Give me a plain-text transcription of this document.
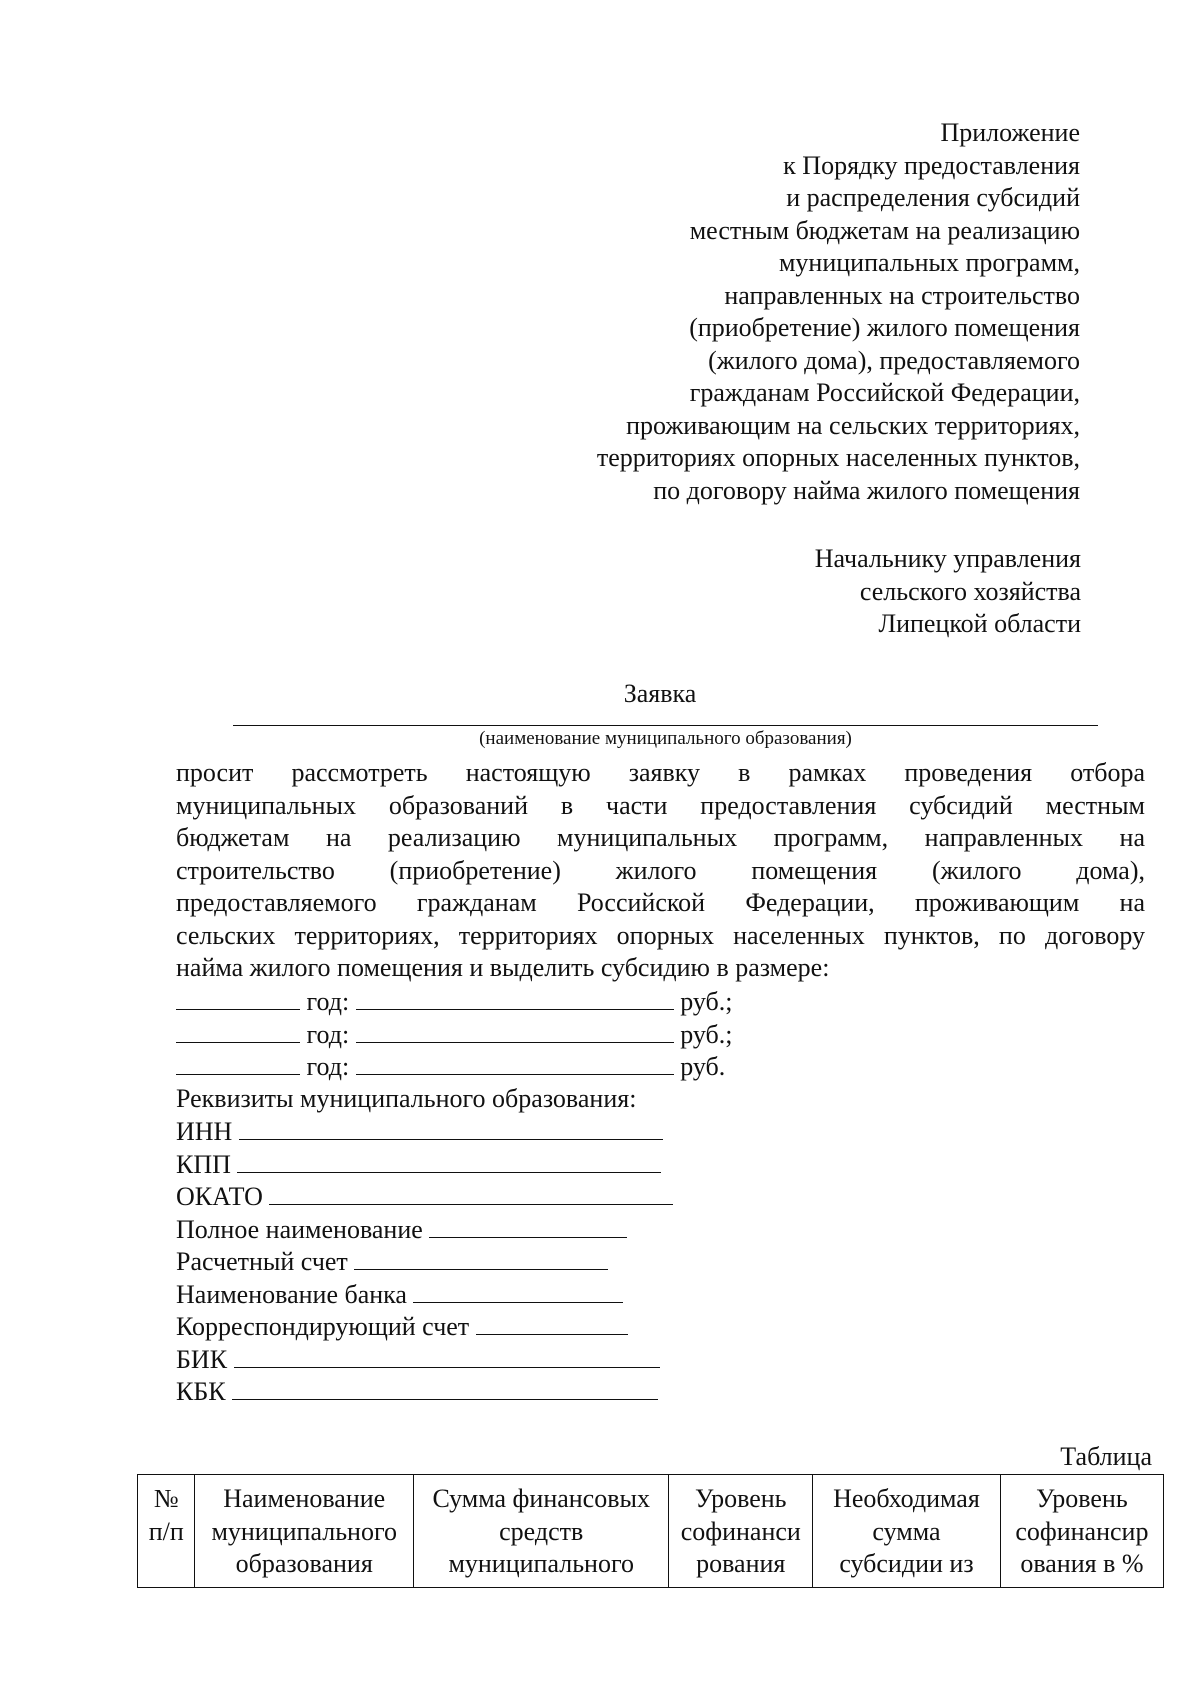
Приложение
к Порядку предоставления
и распределения субсидий
местным бюджетам на реализацию
муниципальных программ,
направленных на строительство
(приобретение) жилого помещения
(жилого дома), предоставляемого
гражданам Российской Федерации,
проживающим на сельских территориях,
территориях опорных населенных пунктов,
по договору найма жилого помещения
Начальнику управления
сельского хозяйства
Липецкой области
Заявка
(наименование муниципального образования)
просит рассмотреть настоящую заявку в рамках проведения отбора
муниципальных образований в части предоставления субсидий местным
бюджетам на реализацию муниципальных программ, направленных на
строительство (приобретение) жилого помещения (жилого дома),
предоставляемого гражданам Российской Федерации, проживающим на
сельских территориях, территориях опорных населенных пунктов, по договору
найма жилого помещения и выделить субсидию в размере:
год:	руб.;
год:	руб.;
год:	руб.
Реквизиты муниципального образования:
ИНН
КПП
ОКАТО
Полное наименование
Расчетный счет
Наименование банка
Корреспондирующий счет
БИК
КБК
Таблица
№
п/п

Наименование
муниципального
образования

Сумма финансовых
средств
муниципального

Уровень
софинанси
рования

Необходимая
сумма
субсидии из

Уровень
софинансир
ования в %
